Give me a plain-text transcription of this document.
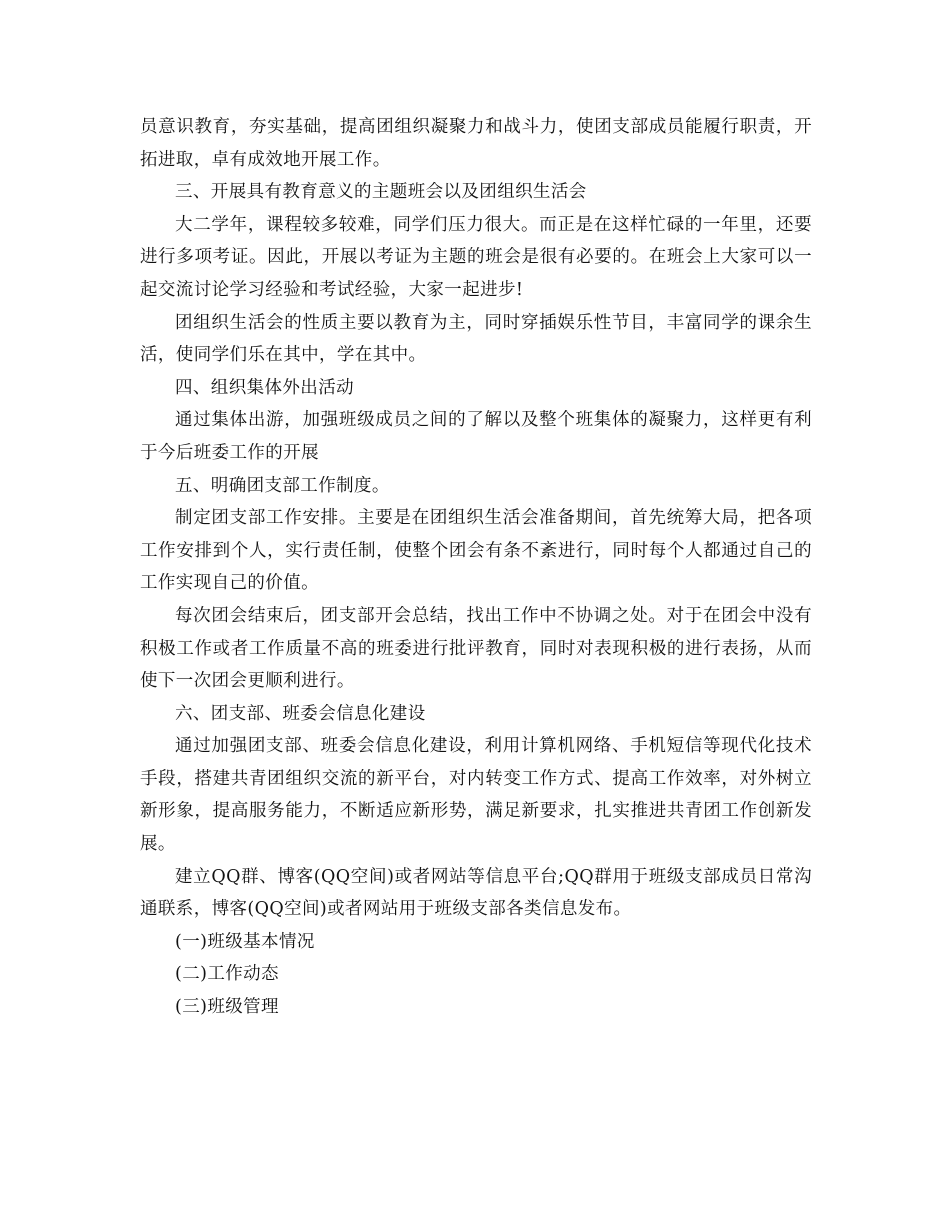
员意识教育，夯实基础，提高团组织凝聚力和战斗力，使团支部成员能履行职责，开拓进取，卓有成效地开展工作。

三、开展具有教育意义的主题班会以及团组织生活会

大二学年，课程较多较难，同学们压力很大。而正是在这样忙碌的一年里，还要进行多项考证。因此，开展以考证为主题的班会是很有必要的。在班会上大家可以一起交流讨论学习经验和考试经验，大家一起进步!

团组织生活会的性质主要以教育为主，同时穿插娱乐性节目，丰富同学的课余生活，使同学们乐在其中，学在其中。

四、组织集体外出活动

通过集体出游，加强班级成员之间的了解以及整个班集体的凝聚力，这样更有利于今后班委工作的开展

五、明确团支部工作制度。

制定团支部工作安排。主要是在团组织生活会准备期间，首先统筹大局，把各项工作安排到个人，实行责任制，使整个团会有条不紊进行，同时每个人都通过自己的工作实现自己的价值。

每次团会结束后，团支部开会总结，找出工作中不协调之处。对于在团会中没有积极工作或者工作质量不高的班委进行批评教育，同时对表现积极的进行表扬，从而使下一次团会更顺利进行。

六、团支部、班委会信息化建设

通过加强团支部、班委会信息化建设，利用计算机网络、手机短信等现代化技术手段，搭建共青团组织交流的新平台，对内转变工作方式、提高工作效率，对外树立新形象，提高服务能力，不断适应新形势，满足新要求，扎实推进共青团工作创新发展。

建立QQ群、博客(QQ空间)或者网站等信息平台;QQ群用于班级支部成员日常沟通联系，博客(QQ空间)或者网站用于班级支部各类信息发布。

(一)班级基本情况

(二)工作动态

(三)班级管理
